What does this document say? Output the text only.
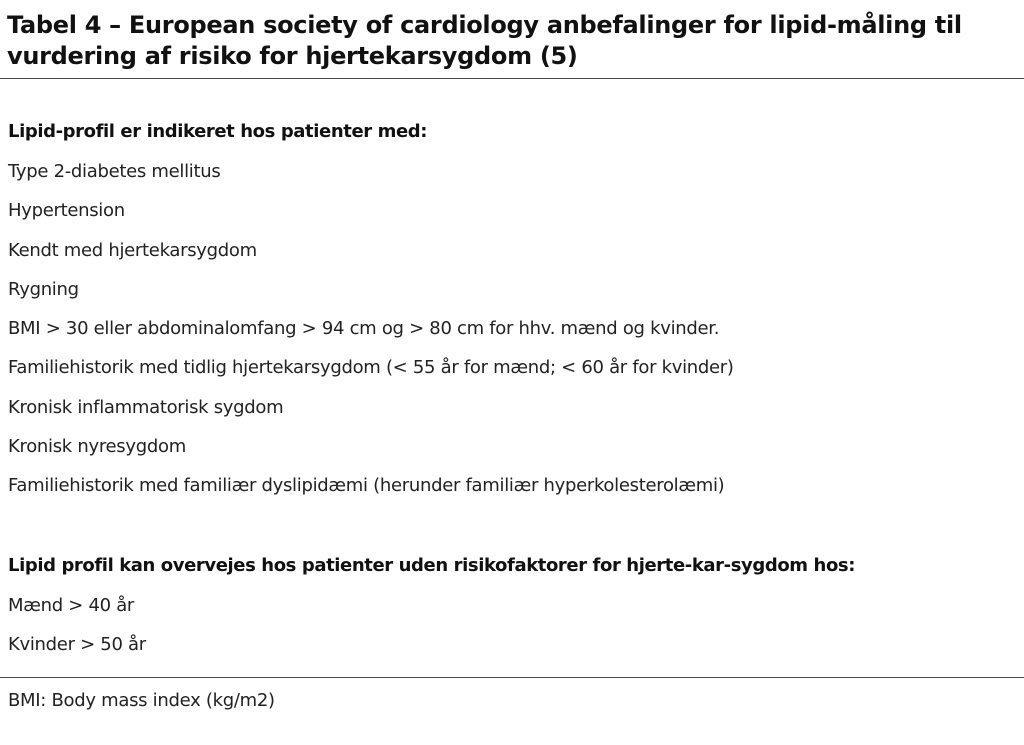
Tabel 4 – European society of cardiology anbefalinger for lipid-måling til vurdering af risiko for hjertekarsygdom (5)
Lipid-profil er indikeret hos patienter med:
Type 2-diabetes mellitus
Hypertension
Kendt med hjertekarsygdom
Rygning
BMI > 30 eller abdominalomfang > 94 cm og > 80 cm for hhv. mænd og kvinder.
Familiehistorik med tidlig hjertekarsygdom (< 55 år for mænd; < 60 år for kvinder)
Kronisk inflammatorisk sygdom
Kronisk nyresygdom
Familiehistorik med familiær dyslipidæmi (herunder familiær hyperkolesterolæmi)
Lipid profil kan overvejes hos patienter uden risikofaktorer for hjerte-kar-sygdom hos:
Mænd > 40 år
Kvinder > 50 år

BMI: Body mass index (kg/m2)
